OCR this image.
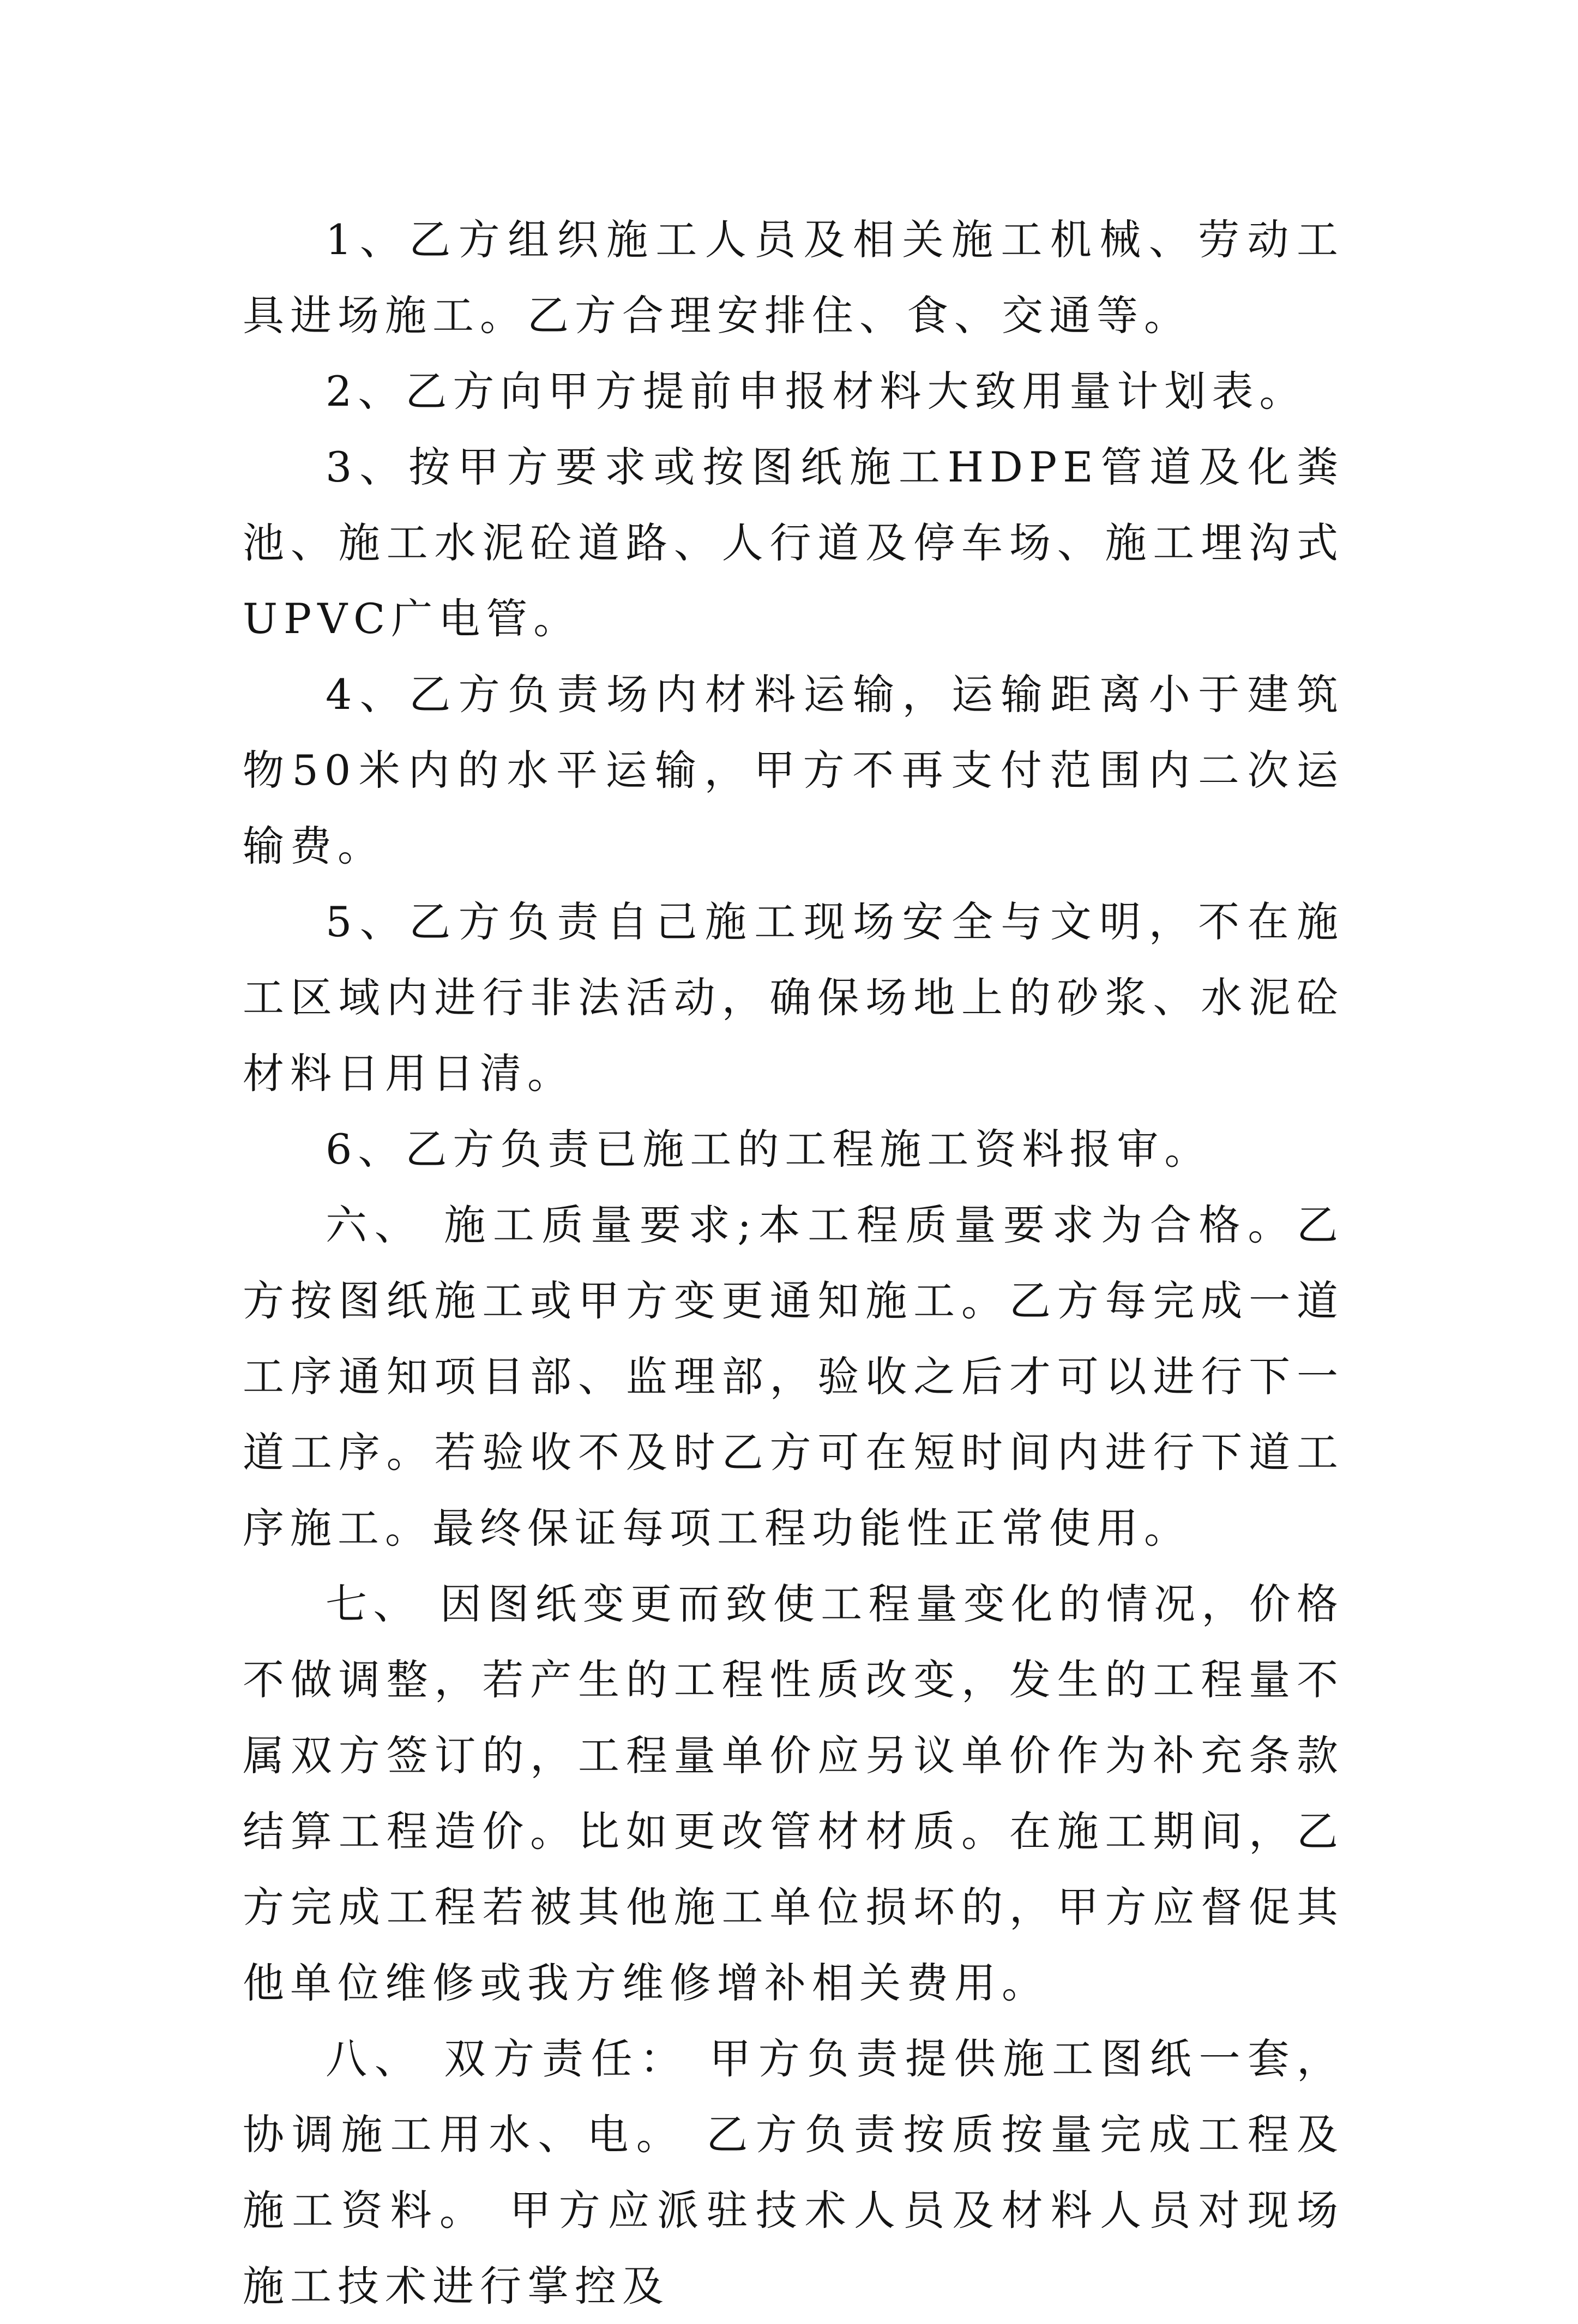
1、乙方组织施工人员及相关施工机械、劳动工具进场施工。乙方合理安排住、食、交通等。

2、乙方向甲方提前申报材料大致用量计划表。

3、按甲方要求或按图纸施工HDPE管道及化粪池、施工水泥砼道路、人行道及停车场、施工埋沟式UPVC广电管。

4、乙方负责场内材料运输，运输距离小于建筑物50米内的水平运输，甲方不再支付范围内二次运输费。

5、乙方负责自己施工现场安全与文明，不在施工区域内进行非法活动，确保场地上的砂浆、水泥砼材料日用日清。

6、乙方负责已施工的工程施工资料报审。

六、 施工质量要求;本工程质量要求为合格。乙方按图纸施工或甲方变更通知施工。乙方每完成一道工序通知项目部、监理部，验收之后才可以进行下一道工序。若验收不及时乙方可在短时间内进行下道工序施工。最终保证每项工程功能性正常使用。

七、 因图纸变更而致使工程量变化的情况，价格不做调整，若产生的工程性质改变，发生的工程量不属双方签订的，工程量单价应另议单价作为补充条款结算工程造价。比如更改管材材质。在施工期间，乙方完成工程若被其他施工单位损坏的，甲方应督促其他单位维修或我方维修增补相关费用。

八、 双方责任： 甲方负责提供施工图纸一套，协调施工用水、电。 乙方负责按质按量完成工程及施工资料。 甲方应派驻技术人员及材料人员对现场施工技术进行掌控及
